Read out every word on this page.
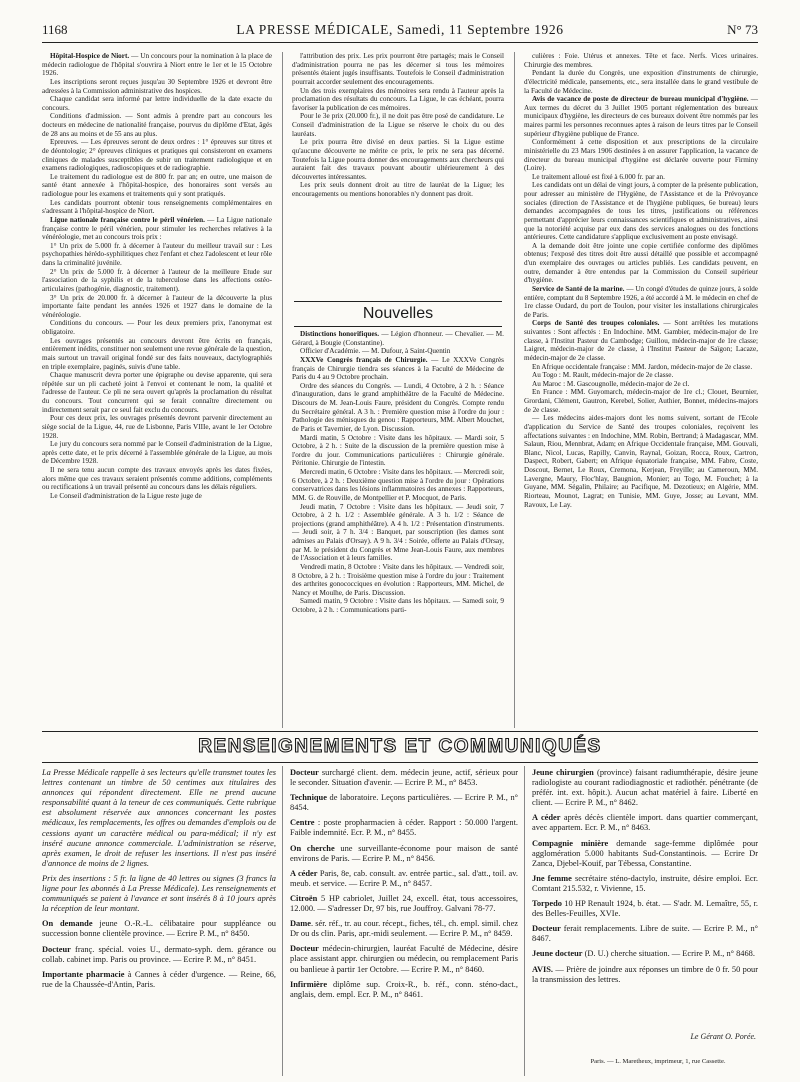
1168	LA PRESSE MÉDICALE, Samedi, 11 Septembre 1926	N° 73

Hôpital-Hospice de Niort. — Un concours pour la nomination à la place de médecin radiologue de l'hôpital s'ouvrira à Niort entre le 1er et le 15 Octobre 1926.

Les inscriptions seront reçues jusqu'au 30 Septembre 1926 et devront être adressées à la Commission administrative des hospices.

Chaque candidat sera informé par lettre individuelle de la date exacte du concours.

Conditions d'admission. — Sont admis à prendre part au concours les docteurs en médecine de nationalité française, pourvus du diplôme d'Etat, âgés de 28 ans au moins et de 55 ans au plus.

Epreuves. — Les épreuves seront de deux ordres : 1° épreuves sur titres et de déontologie; 2° épreuves cliniques et pratiques qui consisteront en examens cliniques de malades susceptibles de subir un traitement radiologique et en examens radiologiques, radioscopiques et de radiographie.

Le traitement du radiologue est de 800 fr. par an; en outre, une maison de santé étant annexée à l'hôpital-hospice, des honoraires sont versés au radiologue pour les examens et traitements qui y sont pratiqués.

Les candidats pourront obtenir tous renseignements complémentaires en s'adressant à l'hôpital-hospice de Niort.

Ligue nationale française contre le péril vénérien. — La Ligue nationale française contre le péril vénérien, pour stimuler les recherches relatives à la vénéréologie, met au concours trois prix :

1° Un prix de 5.000 fr. à décerner à l'auteur du meilleur travail sur : Les psychopathies hérédo-syphilitiques chez l'enfant et chez l'adolescent et leur rôle dans la criminalité juvénile.

2° Un prix de 5.000 fr. à décerner à l'auteur de la meilleure Etude sur l'association de la syphilis et de la tuberculose dans les affections ostéo-articulaires (pathogénie, diagnostic, traitement).

3° Un prix de 20.000 fr. à décerner à l'auteur de la découverte la plus importante faite pendant les années 1926 et 1927 dans le domaine de la vénéréologie.

Conditions du concours. — Pour les deux premiers prix, l'anonymat est obligatoire.

Les ouvrages présentés au concours devront être écrits en français, entièrement inédits, constituer non seulement une revue générale de la question, mais surtout un travail original fondé sur des faits nouveaux, dactylographiés en triple exemplaire, paginés, suivis d'une table.

Chaque manuscrit devra porter une épigraphe ou devise apparente, qui sera répétée sur un pli cacheté joint à l'envoi et contenant le nom, la qualité et l'adresse de l'auteur. Ce pli ne sera ouvert qu'après la proclamation du résultat du concours. Tout concurrent qui se ferait connaître directement ou indirectement serait par ce seul fait exclu du concours.

Pour ces deux prix, les ouvrages présentés devront parvenir directement au siège social de la Ligue, 44, rue de Lisbonne, Paris VIIIe, avant le 1er Octobre 1928.

Le jury du concours sera nommé par le Conseil d'administration de la Ligue, après cette date, et le prix décerné à l'assemblée générale de la Ligue, au mois de Décembre 1928.

Il ne sera tenu aucun compte des travaux envoyés après les dates fixées, alors même que ces travaux seraient présentés comme additions, compléments ou rectifications à un travail présenté au concours dans les délais réguliers.

Le Conseil d'administration de la Ligue reste juge de

l'attribution des prix. Les prix pourront être partagés; mais le Conseil d'administration pourra ne pas les décerner si tous les mémoires présentés étaient jugés insuffisants. Toutefois le Conseil d'administration pourrait accorder seulement des encouragements.

Un des trois exemplaires des mémoires sera rendu à l'auteur après la proclamation des résultats du concours. La Ligue, le cas échéant, pourra favoriser la publication de ces mémoires.

Pour le 3e prix (20.000 fr.), il ne doit pas être posé de candidature. Le Conseil d'administration de la Ligue se réserve le choix du ou des lauréats.

Le prix pourra être divisé en deux parties. Si la Ligue estime qu'aucune découverte ne mérite ce prix, le prix ne sera pas décerné. Toutefois la Ligue pourra donner des encouragements aux chercheurs qui auraient fait des travaux pouvant aboutir ultérieurement à des découvertes intéressantes.

Les prix seuls donnent droit au titre de lauréat de la Ligue; les encouragements ou mentions honorables n'y donnent pas droit.

Nouvelles

Distinctions honorifiques. — Légion d'honneur. — Chevalier. — M. Gérard, à Bougie (Constantine).

Officier d'Académie. — M. Dufour, à Saint-Quentin

XXXVe Congrès français de Chirurgie. — Le XXXVe Congrès français de Chirurgie tiendra ses séances à la Faculté de Médecine de Paris du 4 au 9 Octobre prochain.

Ordre des séances du Congrès. — Lundi, 4 Octobre, à 2 h. : Séance d'inauguration, dans le grand amphithéâtre de la Faculté de Médecine. Discours de M. Jean-Louis Faure, président du Congrès. Compte rendu du Secrétaire général. A 3 h. : Première question mise à l'ordre du jour : Pathologie des ménisques du genou : Rapporteurs, MM. Albert Mouchet, de Paris et Tavernier, de Lyon. Discussion.

Mardi matin, 5 Octobre : Visite dans les hôpitaux. — Mardi soir, 5 Octobre, à 2 h. : Suite de la discussion de la première question mise à l'ordre du jour. Communications particulières : Chirurgie générale. Péritonie. Chirurgie de l'intestin.

Mercredi matin, 6 Octobre : Visite dans les hôpitaux. — Mercredi soir, 6 Octobre, à 2 h. : Deuxième question mise à l'ordre du jour : Opérations conservatrices dans les lésions inflammatoires des annexes : Rapporteurs, MM. G. de Rouville, de Montpellier et P. Mocquot, de Paris.

Jeudi matin, 7 Octobre : Visite dans les hôpitaux. — Jeudi soir, 7 Octobre, à 2 h. 1/2 : Assemblée générale. A 3 h. 1/2 : Séance de projections (grand amphithéâtre). A 4 h. 1/2 : Présentation d'instruments. — Jeudi soir, à 7 h. 3/4 : Banquet, par souscription (les dames sont admises au Palais d'Orsay). A 9 h. 3/4 : Soirée, offerte au Palais d'Orsay, par M. le président du Congrès et Mme Jean-Louis Faure, aux membres de l'Association et à leurs familles.

Vendredi matin, 8 Octobre : Visite dans les hôpitaux. — Vendredi soir, 8 Octobre, à 2 h. : Troisième question mise à l'ordre du jour : Traitement des arthrites gonococciques en évolution : Rapporteurs, MM. Michel, de Nancy et Moulhe, de Paris. Discussion.

Samedi matin, 9 Octobre : Visite dans les hôpitaux. — Samedi soir, 9 Octobre, à 2 h. : Communications parti-

culières : Foie. Utérus et annexes. Tête et face. Nerfs. Vices urinaires. Chirurgie des membres.

Pendant la durée du Congrès, une exposition d'instruments de chirurgie, d'électricité médicale, pansements, etc., sera installée dans le grand vestibule de la Faculté de Médecine.

Avis de vacance de poste de directeur de bureau municipal d'hygiène. — Aux termes du décret du 3 Juillet 1905 portant réglementation des bureaux municipaux d'hygiène, les directeurs de ces bureaux doivent être nommés par les maires parmi les personnes reconnues aptes à raison de leurs titres par le Conseil supérieur d'hygiène publique de France.

Conformément à cette disposition et aux prescriptions de la circulaire ministérielle du 23 Mars 1906 destinées à en assurer l'application, la vacance de directeur du bureau municipal d'hygiène est déclarée ouverte pour Firminy (Loire).

Le traitement alloué est fixé à 6.000 fr. par an.

Les candidats ont un délai de vingt jours, à compter de la présente publication, pour adresser au ministère de l'Hygiène, de l'Assistance et de la Prévoyance sociales (direction de l'Assistance et de l'hygiène publiques, 6e bureau) leurs demandes accompagnées de tous les titres, justifications ou références permettant d'apprécier leurs connaissances scientifiques et administratives, ainsi que la notoriété acquise par eux dans des services analogues ou des fonctions antérieures. Cette candidature s'applique exclusivement au poste envisagé.

A la demande doit être jointe une copie certifiée conforme des diplômes obtenus; l'exposé des titres doit être aussi détaillé que possible et accompagné d'un exemplaire des ouvrages ou articles publiés. Les candidats peuvent, en outre, demander à être entendus par la Commission du Conseil supérieur d'hygiène.

Service de Santé de la marine. — Un congé d'études de quinze jours, à solde entière, comptant du 8 Septembre 1926, a été accordé à M. le médecin en chef de 1re classe Oudard, du port de Toulon, pour visiter les installations chirurgicales de Paris.

Corps de Santé des troupes coloniales. — Sont arrêtées les mutations suivantes : Sont affectés : En Indochine. MM. Gambier, médecin-major de 1re classe, à l'Institut Pasteur du Cambodge; Guillou, médecin-major de 1re classe; Laigret, médecin-major de 2e classe, à l'Institut Pasteur de Saïgon; Lacaze, médecin-major de 2e classe.

En Afrique occidentale française : MM. Jardon, médecin-major de 2e classe.

Au Togo : M. Rault, médecin-major de 2e classe.

Au Maroc : M. Gascougnolle, médecin-major de 2e cl.

En France : MM. Guyomarch, médecin-major de 1re cl.; Clouet, Beurnier, Grordani, Clément, Gautron, Kerebel, Solier, Authier, Bonnet, médecins-majors de 2e classe.

— Les médecins aides-majors dont les noms suivent, sortant de l'Ecole d'application du Service de Santé des troupes coloniales, reçoivent les affectations suivantes : en Indochine, MM. Robin, Bertrand; à Madagascar, MM. Salaun, Riou, Mennbrat, Adam; en Afrique Occidentale française, MM. Gouvali, Blanc, Nicol, Lucas, Rapilly, Canvin, Raynal, Goizan, Rocca, Roux, Cartron, Daspect, Robert, Gabert; en Afrique équatoriale française, MM. Fabre, Coste, Doscout, Bernet, Le Roux, Cremona, Kerjean, Freyille; au Cameroun, MM. Lavergne, Maury, Floc'hlay, Baugnion, Monier; au Togo, M. Fouchet; à la Guyane, MM. Ségalin, Philaire; au Pacifique, M. Dezotieux; en Algérie, MM. Riorteau, Mounot, Lagrat; en Tunisie, MM. Guye, Josse; au Levant, MM. Ravoux, Le Lay.

RENSEIGNEMENTS ET COMMUNIQUÉS

La Presse Médicale rappelle à ses lecteurs qu'elle transmet toutes les lettres contenant un timbre de 50 centimes aux titulaires des annonces qui répondent directement. Elle ne prend aucune responsabilité quant à la teneur de ces communiqués. Cette rubrique est absolument réservée aux annonces concernant les postes médicaux, les remplacements, les offres ou demandes d'emplois ou de cessions ayant un caractère médical ou para-médical; il n'y est inséré aucune annonce commerciale. L'administration se réserve, après examen, le droit de refuser les insertions. Il n'est pas inséré d'annonce de moins de 2 lignes.

Prix des insertions : 5 fr. la ligne de 40 lettres ou signes (3 francs la ligne pour les abonnés à La Presse Médicale). Les renseignements et communiqués se paient à l'avance et sont insérés 8 à 10 jours après la réception de leur montant.

On demande jeune O.-R.-L. célibataire pour suppléance ou succession bonne clientèle province. — Ecrire P. M., n° 8450.

Docteur franç. spécial. voies U., dermato-syph. dem. gérance ou collab. cabinet imp. Paris ou province. — Ecrire P. M., n° 8451.

Importante pharmacie à Cannes à céder d'urgence. — Reine, 66, rue de la Chaussée-d'Antin, Paris.

Docteur surchargé client. dem. médecin jeune, actif, sérieux pour le seconder. Situation d'avenir. — Ecrire P. M., n° 8453.

Technique de laboratoire. Leçons particulières. — Ecrire P. M., n° 8454.

Centre : poste propharmacien à céder. Rapport : 50.000 l'argent. Faible indemnité. Ecr. P. M., n° 8455.

On cherche une surveillante-économe pour maison de santé environs de Paris. — Ecrire P. M., n° 8456.

A céder Paris, 8e, cab. consult. av. entrée partic., sal. d'att., toil. av. meub. et service. — Ecrire P. M., n° 8457.

Citroën 5 HP cabriolet, Juillet 24, excell. état, tous accessoires, 12.000. — S'adresser Dr, 97 bis, rue Jouffroy. Galvani 78-77.

Dame. sér. réf., tr. au cour. récept., fiches, tél., ch. empl. simil. chez Dr ou ds clin. Paris, apr.-midi seulement. — Ecrire P. M., n° 8459.

Docteur médecin-chirurgien, lauréat Faculté de Médecine, désire place assistant appr. chirurgien ou médecin, ou remplacement Paris ou banlieue à partir 1er Octobre. — Ecrire P. M., n° 8460.

Infirmière diplôme sup. Croix-R., b. réf., conn. sténo-dact., anglais, dem. empl. Ecr. P. M., n° 8461.

Jeune chirurgien (province) faisant radiumthérapie, désire jeune radiologiste au courant radiodiagnostic et radiothér. pénétrante (de préfér. int. ext. hôpit.). Aucun achat matériel à faire. Liberté en client. — Ecrire P. M., n° 8462.

A céder après décès clientèle import. dans quartier commerçant, avec appartem. Ecr. P. M., n° 8463.

Compagnie minière demande sage-femme diplômée pour agglomération 5.000 habitants Sud-Constantinois. — Ecrire Dr Zanca, Djebel-Kouif, par Tébessa, Constantine.

Jne femme secrétaire sténo-dactylo, instruite, désire emploi. Ecr. Comtant 215.532, r. Vivienne, 15.

Torpedo 10 HP Renault 1924, b. état. — S'adr. M. Lemaître, 55, r. des Belles-Feuilles, XVIe.

Docteur ferait remplacements. Libre de suite. — Ecrire P. M., n° 8467.

Jeune docteur (D. U.) cherche situation. — Ecrire P. M., n° 8468.

AVIS. — Prière de joindre aux réponses un timbre de 0 fr. 50 pour la transmission des lettres.

Le Gérant O. Porée.
Paris. — L. Maretheux, imprimeur, 1, rue Cassette.
